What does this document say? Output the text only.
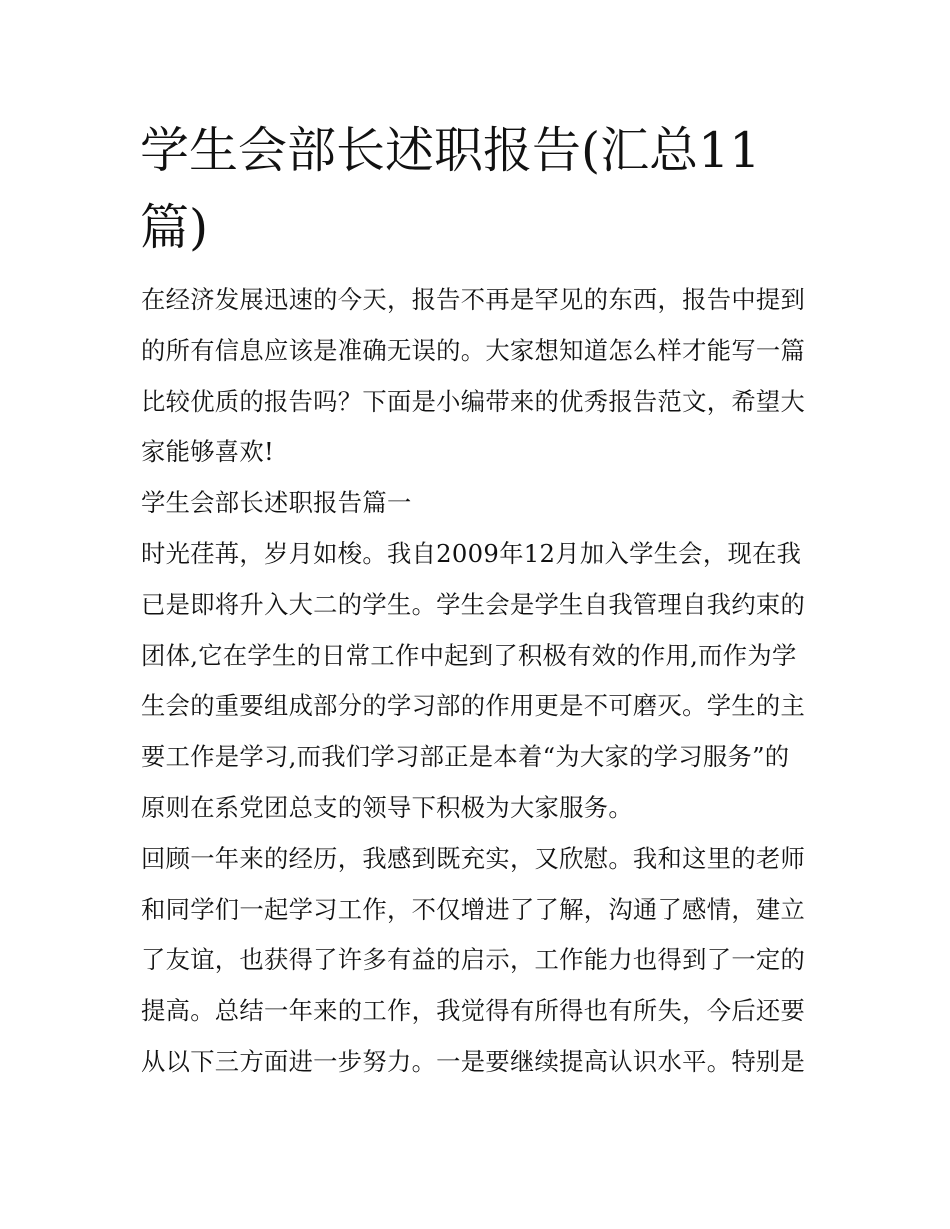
学生会部长述职报告(汇总11
篇)
在经济发展迅速的今天，报告不再是罕见的东西，报告中提到
的所有信息应该是准确无误的。大家想知道怎么样才能写一篇
比较优质的报告吗？下面是小编带来的优秀报告范文，希望大
家能够喜欢!
学生会部长述职报告篇一
时光荏苒，岁月如梭。我自2009年12月加入学生会，现在我
已是即将升入大二的学生。学生会是学生自我管理自我约束的
团体,它在学生的日常工作中起到了积极有效的作用,而作为学
生会的重要组成部分的学习部的作用更是不可磨灭。学生的主
要工作是学习,而我们学习部正是本着“为大家的学习服务”的
原则在系党团总支的领导下积极为大家服务。
回顾一年来的经历，我感到既充实，又欣慰。我和这里的老师
和同学们一起学习工作，不仅增进了了解，沟通了感情，建立
了友谊，也获得了许多有益的启示，工作能力也得到了一定的
提高。总结一年来的工作，我觉得有所得也有所失，今后还要
从以下三方面进一步努力。一是要继续提高认识水平。特别是
